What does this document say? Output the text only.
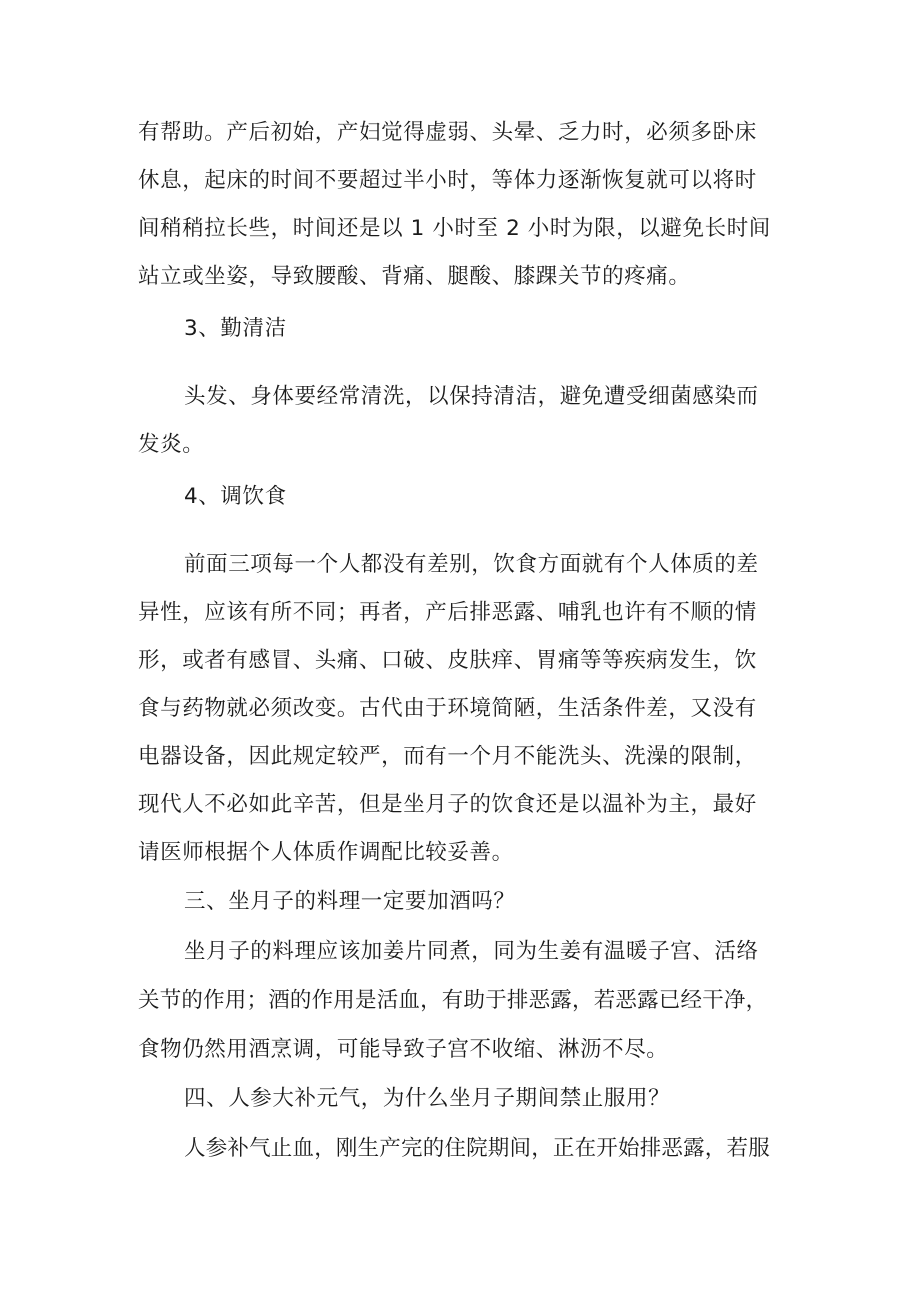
有帮助。产后初始，产妇觉得虚弱、头晕、乏力时，必须多卧床
休息，起床的时间不要超过半小时，等体力逐渐恢复就可以将时
间稍稍拉长些，时间还是以 1 小时至 2 小时为限，以避免长时间
站立或坐姿，导致腰酸、背痛、腿酸、膝踝关节的疼痛。
3、勤清洁
头发、身体要经常清洗，以保持清洁，避免遭受细菌感染而
发炎。
4、调饮食
前面三项每一个人都没有差别，饮食方面就有个人体质的差
异性，应该有所不同；再者，产后排恶露、哺乳也许有不顺的情
形，或者有感冒、头痛、口破、皮肤痒、胃痛等等疾病发生，饮
食与药物就必须改变。古代由于环境简陋，生活条件差，又没有
电器设备，因此规定较严，而有一个月不能洗头、洗澡的限制，
现代人不必如此辛苦，但是坐月子的饮食还是以温补为主，最好
请医师根据个人体质作调配比较妥善。
三、坐月子的料理一定要加酒吗？
坐月子的料理应该加姜片同煮，同为生姜有温暖子宫、活络
关节的作用；酒的作用是活血，有助于排恶露，若恶露已经干净，
食物仍然用酒烹调，可能导致子宫不收缩、淋沥不尽。
四、人参大补元气，为什么坐月子期间禁止服用？
人参补气止血，刚生产完的住院期间，正在开始排恶露，若服
